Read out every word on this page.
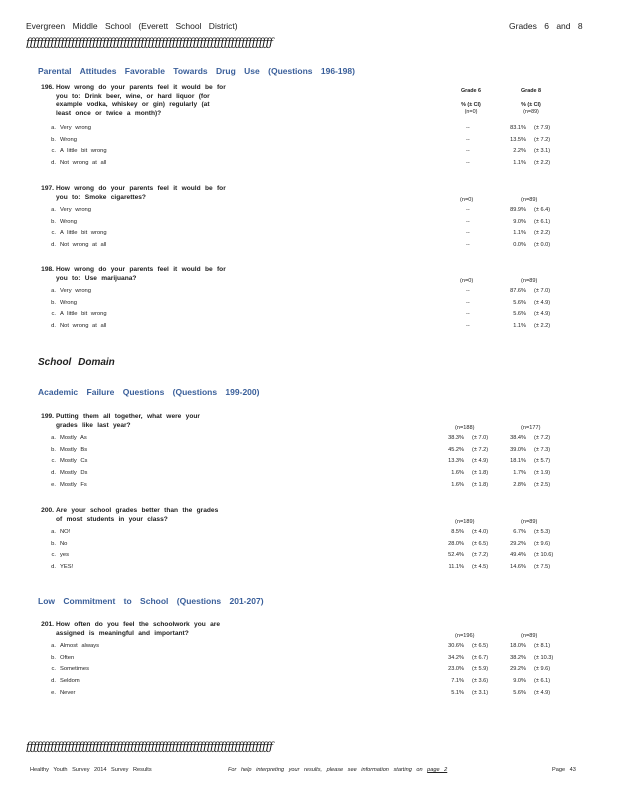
Evergreen Middle School (Everett School District)	Grades 6 and 8
ƒƒƒƒƒƒƒƒƒƒƒƒƒƒƒƒƒƒƒƒƒƒƒƒƒƒƒƒƒƒƒƒƒƒƒƒƒƒƒƒƒƒƒƒƒƒƒƒƒƒƒƒƒƒƒƒƒƒƒƒƒƒƒƒƒƒƒƒƒƒƒ
Parental Attitudes Favorable Towards Drug Use (Questions 196-198)
Grade 6
% (± CI)
(n=0)
Grade 8
% (± CI)
(n=89)
196. How wrong do your parents feel it would be for
you to: Drink beer, wine, or hard liquor (for
example vodka, whiskey or gin) regularly (at
least once or twice a month)?
a. Very wrong	--	83.1% (± 7.9)
b. Wrong	--	13.5% (± 7.2)
c. A little bit wrong	--	2.2% (± 3.1)
d. Not wrong at all	--	1.1% (± 2.2)
197. How wrong do your parents feel it would be for
you to: Smoke cigarettes?	(n=0)	(n=89)
a. Very wrong	--	89.9% (± 6.4)
b. Wrong	--	9.0% (± 6.1)
c. A little bit wrong	--	1.1% (± 2.2)
d. Not wrong at all	--	0.0% (± 0.0)
198. How wrong do your parents feel it would be for
you to: Use marijuana?	(n=0)	(n=89)
a. Very wrong	--	87.6% (± 7.0)
b. Wrong	--	5.6% (± 4.9)
c. A little bit wrong	--	5.6% (± 4.9)
d. Not wrong at all	--	1.1% (± 2.2)
199. Putting them all together, what were your
grades like last year?	(n=188)	(n=177)
a. Mostly As	38.3% (± 7.0)	38.4% (± 7.2)
b. Mostly Bs	45.2% (± 7.2)	39.0% (± 7.3)
c. Mostly Cs	13.3% (± 4.9)	18.1% (± 5.7)
d. Mostly Ds	1.6% (± 1.8)	1.7% (± 1.9)
e. Mostly Fs	1.6% (± 1.8)	2.8% (± 2.5)
200. Are your school grades better than the grades
of most students in your class?	(n=189)	(n=89)
a. NO!	8.5% (± 4.0)	6.7% (± 5.3)
b. No	28.0% (± 6.5)	29.2% (± 9.6)
c. yes	52.4% (± 7.2)	49.4% (± 10.6)
d. YES!	11.1% (± 4.5)	14.6% (± 7.5)
201. How often do you feel the schoolwork you are
assigned is meaningful and important?	(n=196)	(n=89)
a. Almost always	30.6% (± 6.5)	18.0% (± 8.1)
b. Often	34.2% (± 6.7)	38.2% (± 10.3)
c. Sometimes	23.0% (± 5.9)	29.2% (± 9.6)
d. Seldom	7.1% (± 3.6)	9.0% (± 6.1)
e. Never	5.1% (± 3.1)	5.6% (± 4.9)
School Domain
Academic Failure Questions (Questions 199-200)
Low Commitment to School (Questions 201-207)
ƒƒƒƒƒƒƒƒƒƒƒƒƒƒƒƒƒƒƒƒƒƒƒƒƒƒƒƒƒƒƒƒƒƒƒƒƒƒƒƒƒƒƒƒƒƒƒƒƒƒƒƒƒƒƒƒƒƒƒƒƒƒƒƒƒƒƒƒƒƒƒ
Healthy Youth Survey 2014 Survey Results	For help interpreting your results, please see information starting on page 2	Page 43
